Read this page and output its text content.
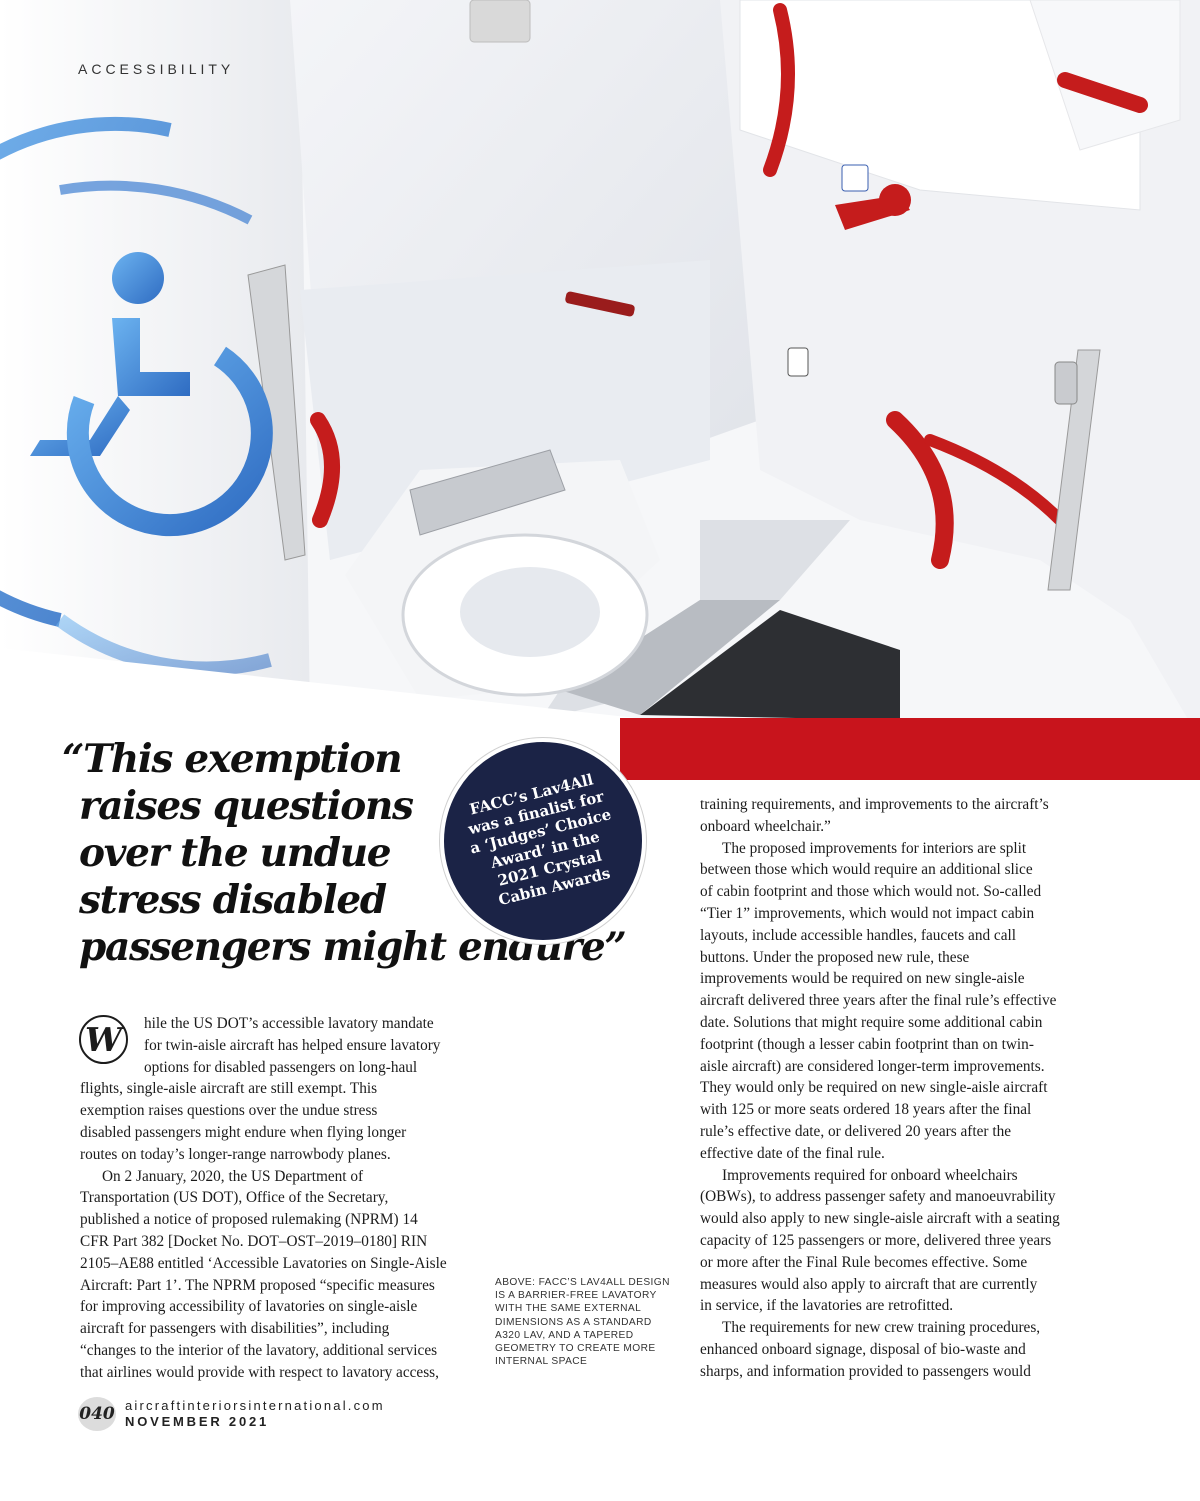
ACCESSIBILITY
“This exemption
raises questions
over the undue
stress disabled
passengers might endure”
FACC’s Lav4All was a finalist for a ‘Judges’ Choice Award’ in the 2021 Crystal Cabin Awards
W	hile the US DOT’s accessible lavatory mandate
for twin-aisle aircraft has helped ensure lavatory
options for disabled passengers on long-haul
flights, single-aisle aircraft are still exempt. This
exemption raises questions over the undue stress
disabled passengers might endure when flying longer
routes on today’s longer-range narrowbody planes.

On 2 January, 2020, the US Department of
Transportation (US DOT), Office of the Secretary,
published a notice of proposed rulemaking (NPRM) 14
CFR Part 382 [Docket No. DOT–OST–2019–0180] RIN
2105–AE88 entitled ‘Accessible Lavatories on Single-Aisle
Aircraft: Part 1’. The NPRM proposed “specific measures
for improving accessibility of lavatories on single-aisle
aircraft for passengers with disabilities”, including
“changes to the interior of the lavatory, additional services
that airlines would provide with respect to lavatory access,

ABOVE: FACC’S LAV4ALL DESIGN
IS A BARRIER-FREE LAVATORY
WITH THE SAME EXTERNAL
DIMENSIONS AS A STANDARD
A320 LAV, AND A TAPERED
GEOMETRY TO CREATE MORE
INTERNAL SPACE

training requirements, and improvements to the aircraft’s
onboard wheelchair.”

The proposed improvements for interiors are split
between those which would require an additional slice
of cabin footprint and those which would not. So-called
“Tier 1” improvements, which would not impact cabin
layouts, include accessible handles, faucets and call
buttons. Under the proposed new rule, these
improvements would be required on new single-aisle
aircraft delivered three years after the final rule’s effective
date. Solutions that might require some additional cabin
footprint (though a lesser cabin footprint than on twin-
aisle aircraft) are considered longer-term improvements.
They would only be required on new single-aisle aircraft
with 125 or more seats ordered 18 years after the final
rule’s effective date, or delivered 20 years after the
effective date of the final rule.

Improvements required for onboard wheelchairs
(OBWs), to address passenger safety and manoeuvrability
would also apply to new single-aisle aircraft with a seating
capacity of 125 passengers or more, delivered three years
or more after the Final Rule becomes effective. Some
measures would also apply to aircraft that are currently
in service, if the lavatories are retrofitted.

The requirements for new crew training procedures,
enhanced onboard signage, disposal of bio-waste and
sharps, and information provided to passengers would

040 aircraftinteriorsinternational.com
NOVEMBER 2021
